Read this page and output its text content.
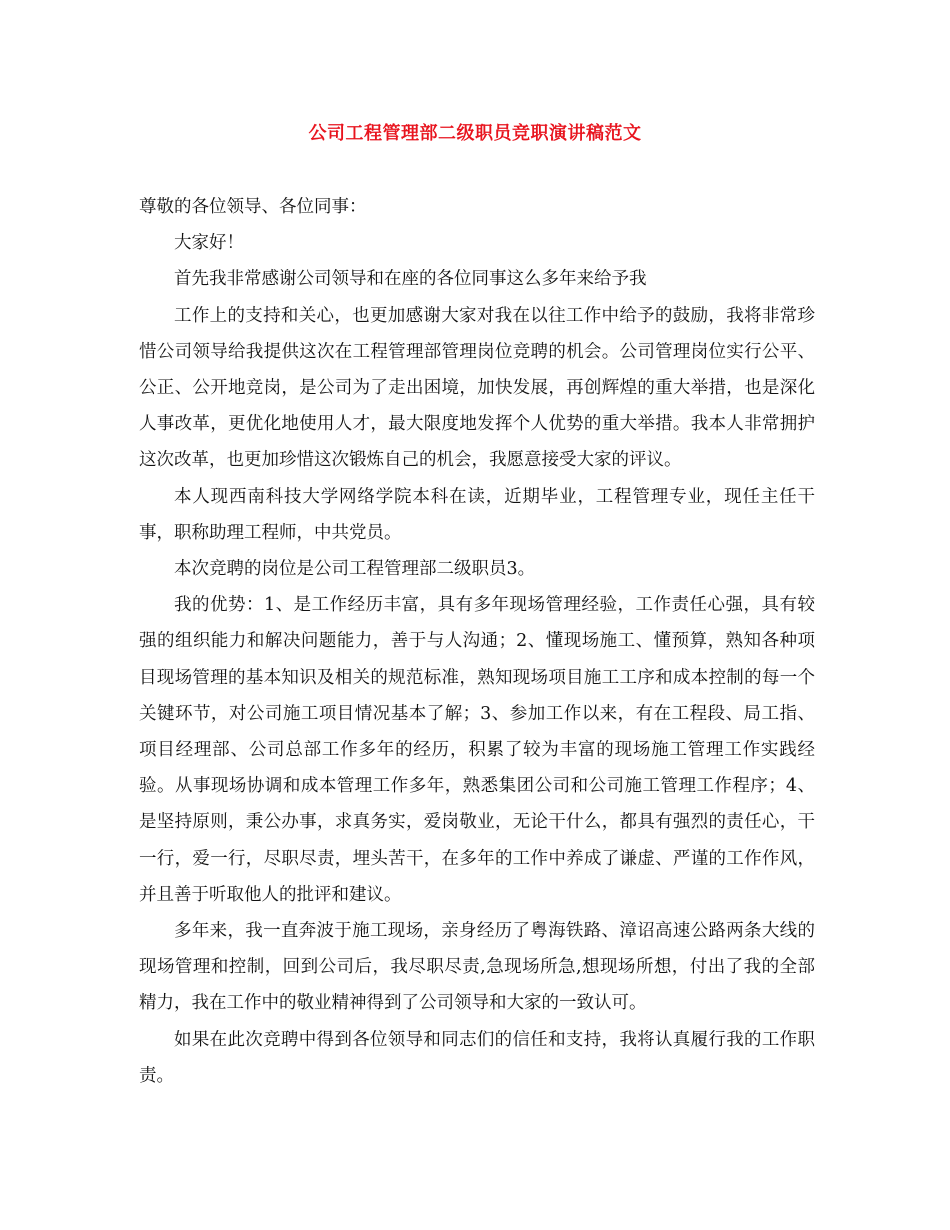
公司工程管理部二级职员竞职演讲稿范文

尊敬的各位领导、各位同事：

大家好！

首先我非常感谢公司领导和在座的各位同事这么多年来给予我

工作上的支持和关心，也更加感谢大家对我在以往工作中给予的鼓励，我将非常珍惜公司领导给我提供这次在工程管理部管理岗位竞聘的机会。公司管理岗位实行公平、公正、公开地竞岗，是公司为了走出困境，加快发展，再创辉煌的重大举措，也是深化人事改革，更优化地使用人才，最大限度地发挥个人优势的重大举措。我本人非常拥护这次改革，也更加珍惜这次锻炼自己的机会，我愿意接受大家的评议。

本人现西南科技大学网络学院本科在读，近期毕业，工程管理专业，现任主任干事，职称助理工程师，中共党员。

本次竞聘的岗位是公司工程管理部二级职员3。

我的优势：1、是工作经历丰富，具有多年现场管理经验，工作责任心强，具有较强的组织能力和解决问题能力，善于与人沟通；2、懂现场施工、懂预算，熟知各种项目现场管理的基本知识及相关的规范标准，熟知现场项目施工工序和成本控制的每一个关键环节，对公司施工项目情况基本了解；3、参加工作以来，有在工程段、局工指、项目经理部、公司总部工作多年的经历，积累了较为丰富的现场施工管理工作实践经验。从事现场协调和成本管理工作多年，熟悉集团公司和公司施工管理工作程序；4、是坚持原则，秉公办事，求真务实，爱岗敬业，无论干什么，都具有强烈的责任心，干一行，爱一行，尽职尽责，埋头苦干，在多年的工作中养成了谦虚、严谨的工作作风，并且善于听取他人的批评和建议。

多年来，我一直奔波于施工现场，亲身经历了粤海铁路、漳诏高速公路两条大线的现场管理和控制，回到公司后，我尽职尽责,急现场所急,想现场所想，付出了我的全部精力，我在工作中的敬业精神得到了公司领导和大家的一致认可。

如果在此次竞聘中得到各位领导和同志们的信任和支持，我将认真履行我的工作职责。
